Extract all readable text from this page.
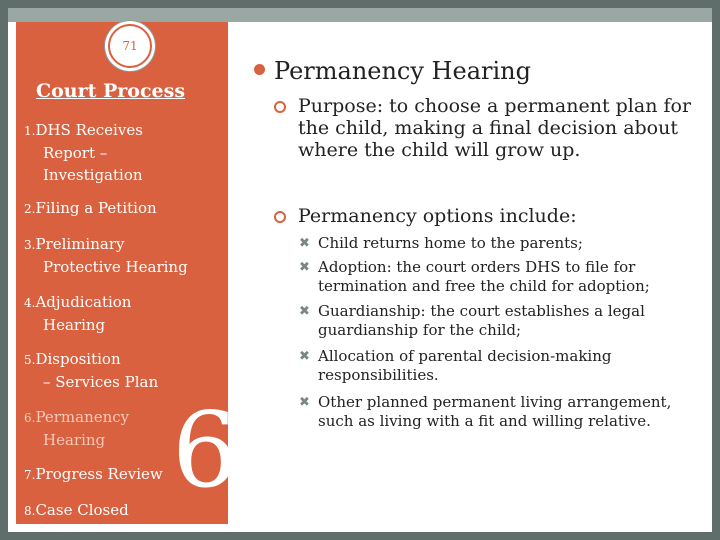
71
Court Process
1.DHS Receives
Report –
Investigation
2.Filing a Petition
3.Preliminary
Protective Hearing
4.Adjudication
Hearing
5.Disposition
– Services Plan
6.Permanency
Hearing
7.Progress Review
8.Case Closed 6
Permanency Hearing
Purpose: to choose a permanent plan for the child, making a final decision about where the child will grow up.
Permanency options include:
✖ Child returns home to the parents;
✖ Adoption: the court orders DHS to file for termination and free the child for adoption;
✖ Guardianship: the court establishes a legal guardianship for the child;
✖ Allocation of parental decision-making responsibilities.
✖ Other planned permanent living arrangement, such as living with a fit and willing relative.
